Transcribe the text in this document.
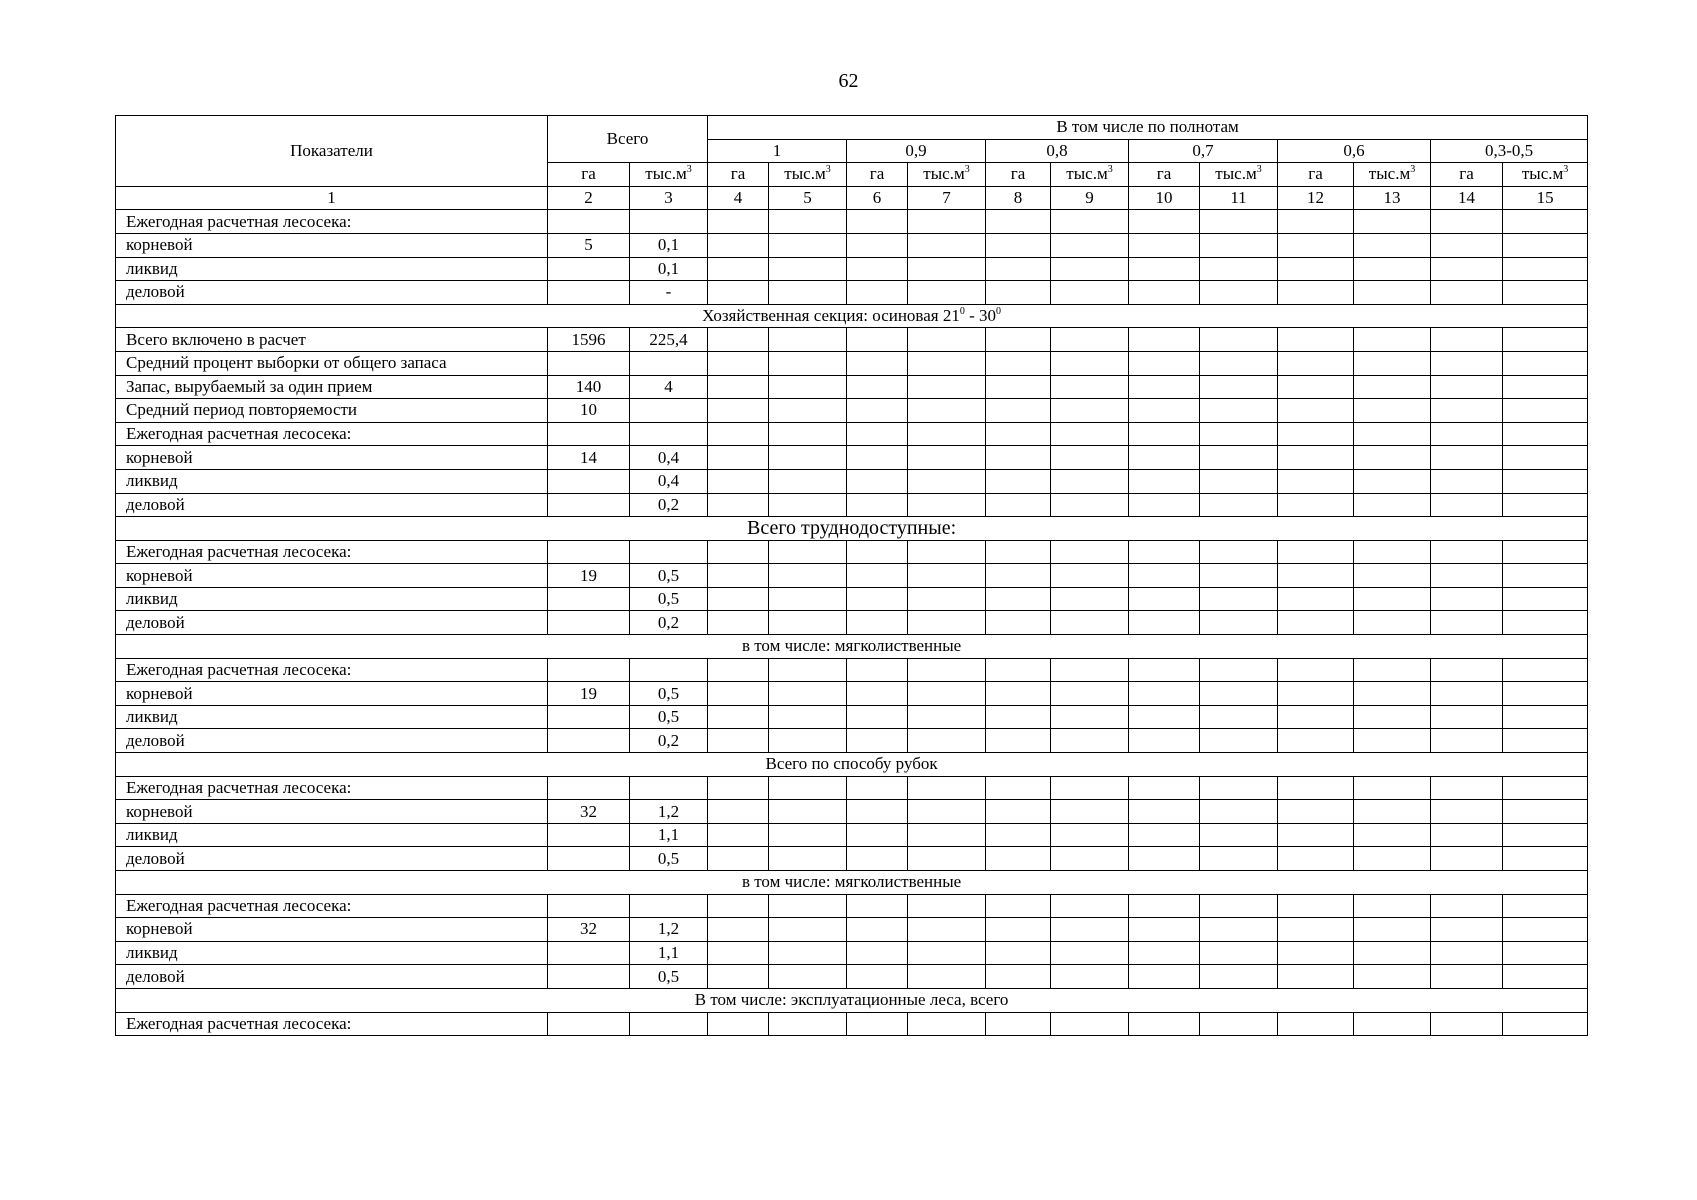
62
Показатели	Всего		В том числе по полнотам											
			1		0,9		0,8		0,7		0,6		0,3-0,5	
	га	$тыс.м^3$	га	$тыс.м^3$	га	$тыс.м^3$	га	$тыс.м^3$	га	$тыс.м^3$	га	$тыс.м^3$	га	$тыс.м^3$
1	2	3	4	5	6	7	8	9	10	11	12	13	14	15
Ежегодная расчетная лесосека:														
корневой	5	0,1												
ликвид		0,1												
деловой		-												
Хозяйственная секция: осиновая $21^0 - 30^0$
Всего включено в расчет	1596	225,4												
Средний процент выборки от общего запаса														
Запас, вырубаемый за один прием	140	4												
Средний период повторяемости	10													
Ежегодная расчетная лесосека:														
корневой	14	0,4												
ликвид		0,4												
деловой		0,2												
Всего труднодоступные:														
Ежегодная расчетная лесосека:														
корневой	19	0,5												
ликвид		0,5												
деловой		0,2												
в том числе: мягколиственные														
Ежегодная расчетная лесосека:														
корневой	19	0,5												
ликвид		0,5												
деловой		0,2												
Всего по способу рубок														
Ежегодная расчетная лесосека:														
корневой	32	1,2												
ликвид		1,1												
деловой		0,5												
в том числе: мягколиственные														
Ежегодная расчетная лесосека:														
корневой	32	1,2												
ликвид		1,1												
деловой		0,5												
В том числе: эксплуатационные леса, всего														
Ежегодная расчетная лесосека:														
